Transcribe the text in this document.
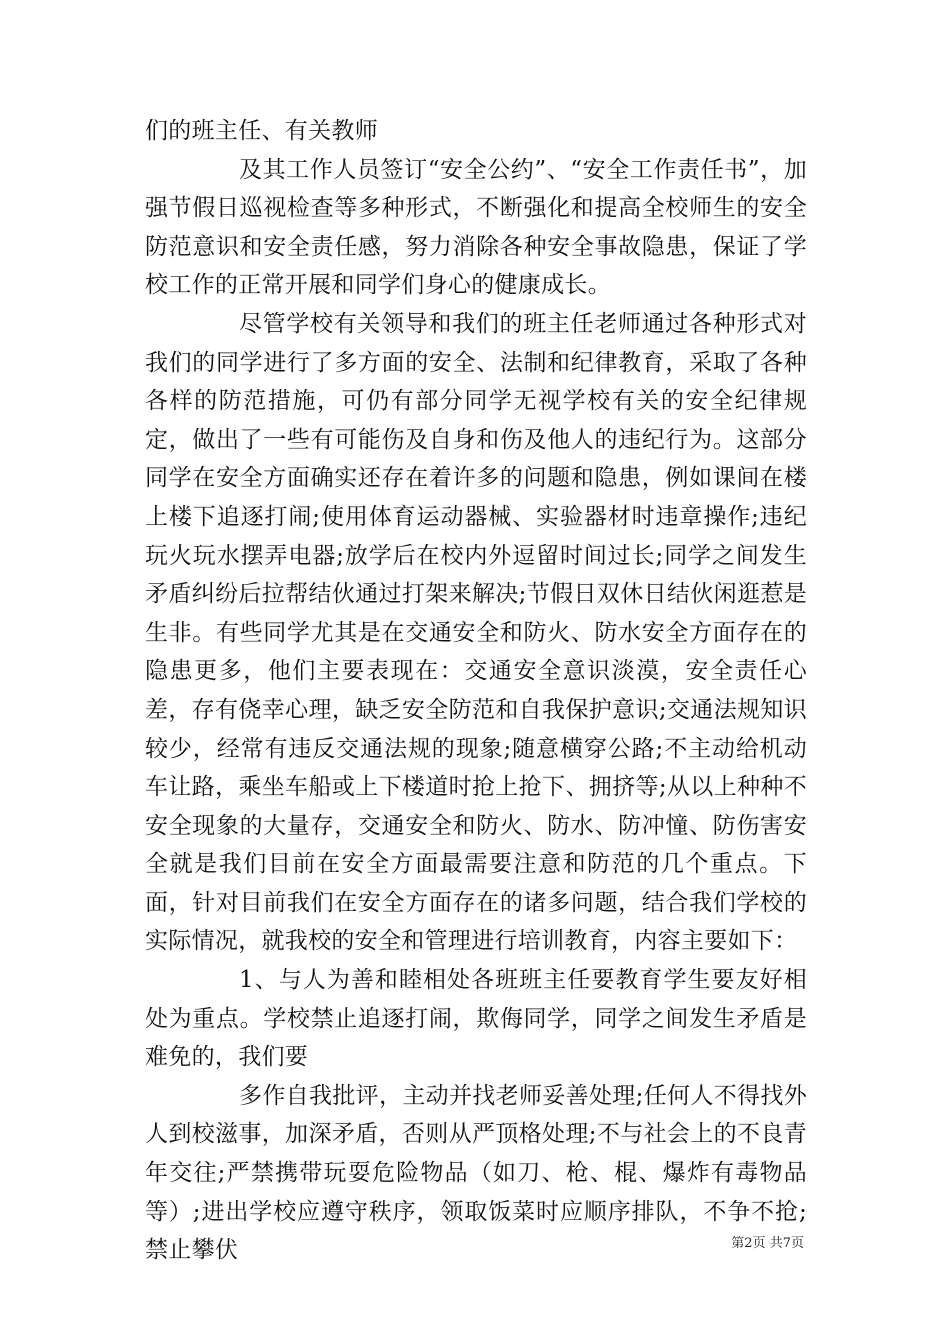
们的班主任、有关教师

及其工作人员签订“安全公约”、“安全工作责任书”，加强节假日巡视检查等多种形式，不断强化和提高全校师生的安全防范意识和安全责任感，努力消除各种安全事故隐患，保证了学校工作的正常开展和同学们身心的健康成长。

尽管学校有关领导和我们的班主任老师通过各种形式对我们的同学进行了多方面的安全、法制和纪律教育，采取了各种各样的防范措施，可仍有部分同学无视学校有关的安全纪律规定，做出了一些有可能伤及自身和伤及他人的违纪行为。这部分同学在安全方面确实还存在着许多的问题和隐患，例如课间在楼上楼下追逐打闹;使用体育运动器械、实验器材时违章操作;违纪玩火玩水摆弄电器;放学后在校内外逗留时间过长;同学之间发生矛盾纠纷后拉帮结伙通过打架来解决;节假日双休日结伙闲逛惹是生非。有些同学尤其是在交通安全和防火、防水安全方面存在的隐患更多，他们主要表现在：交通安全意识淡漠，安全责任心差，存有侥幸心理，缺乏安全防范和自我保护意识;交通法规知识较少，经常有违反交通法规的现象;随意横穿公路;不主动给机动车让路，乘坐车船或上下楼道时抢上抢下、拥挤等;从以上种种不安全现象的大量存，交通安全和防火、防水、防冲憧、防伤害安全就是我们目前在安全方面最需要注意和防范的几个重点。下面，针对目前我们在安全方面存在的诸多问题，结合我们学校的实际情况，就我校的安全和管理进行培训教育，内容主要如下：

1、与人为善和睦相处各班班主任要教育学生要友好相处为重点。学校禁止追逐打闹，欺侮同学，同学之间发生矛盾是难免的，我们要

多作自我批评，主动并找老师妥善处理;任何人不得找外人到校滋事，加深矛盾，否则从严顶格处理;不与社会上的不良青年交往;严禁携带玩耍危险物品（如刀、枪、棍、爆炸有毒物品等）;进出学校应遵守秩序，领取饭菜时应顺序排队，不争不抢;禁止攀伏	第2页 共7页
